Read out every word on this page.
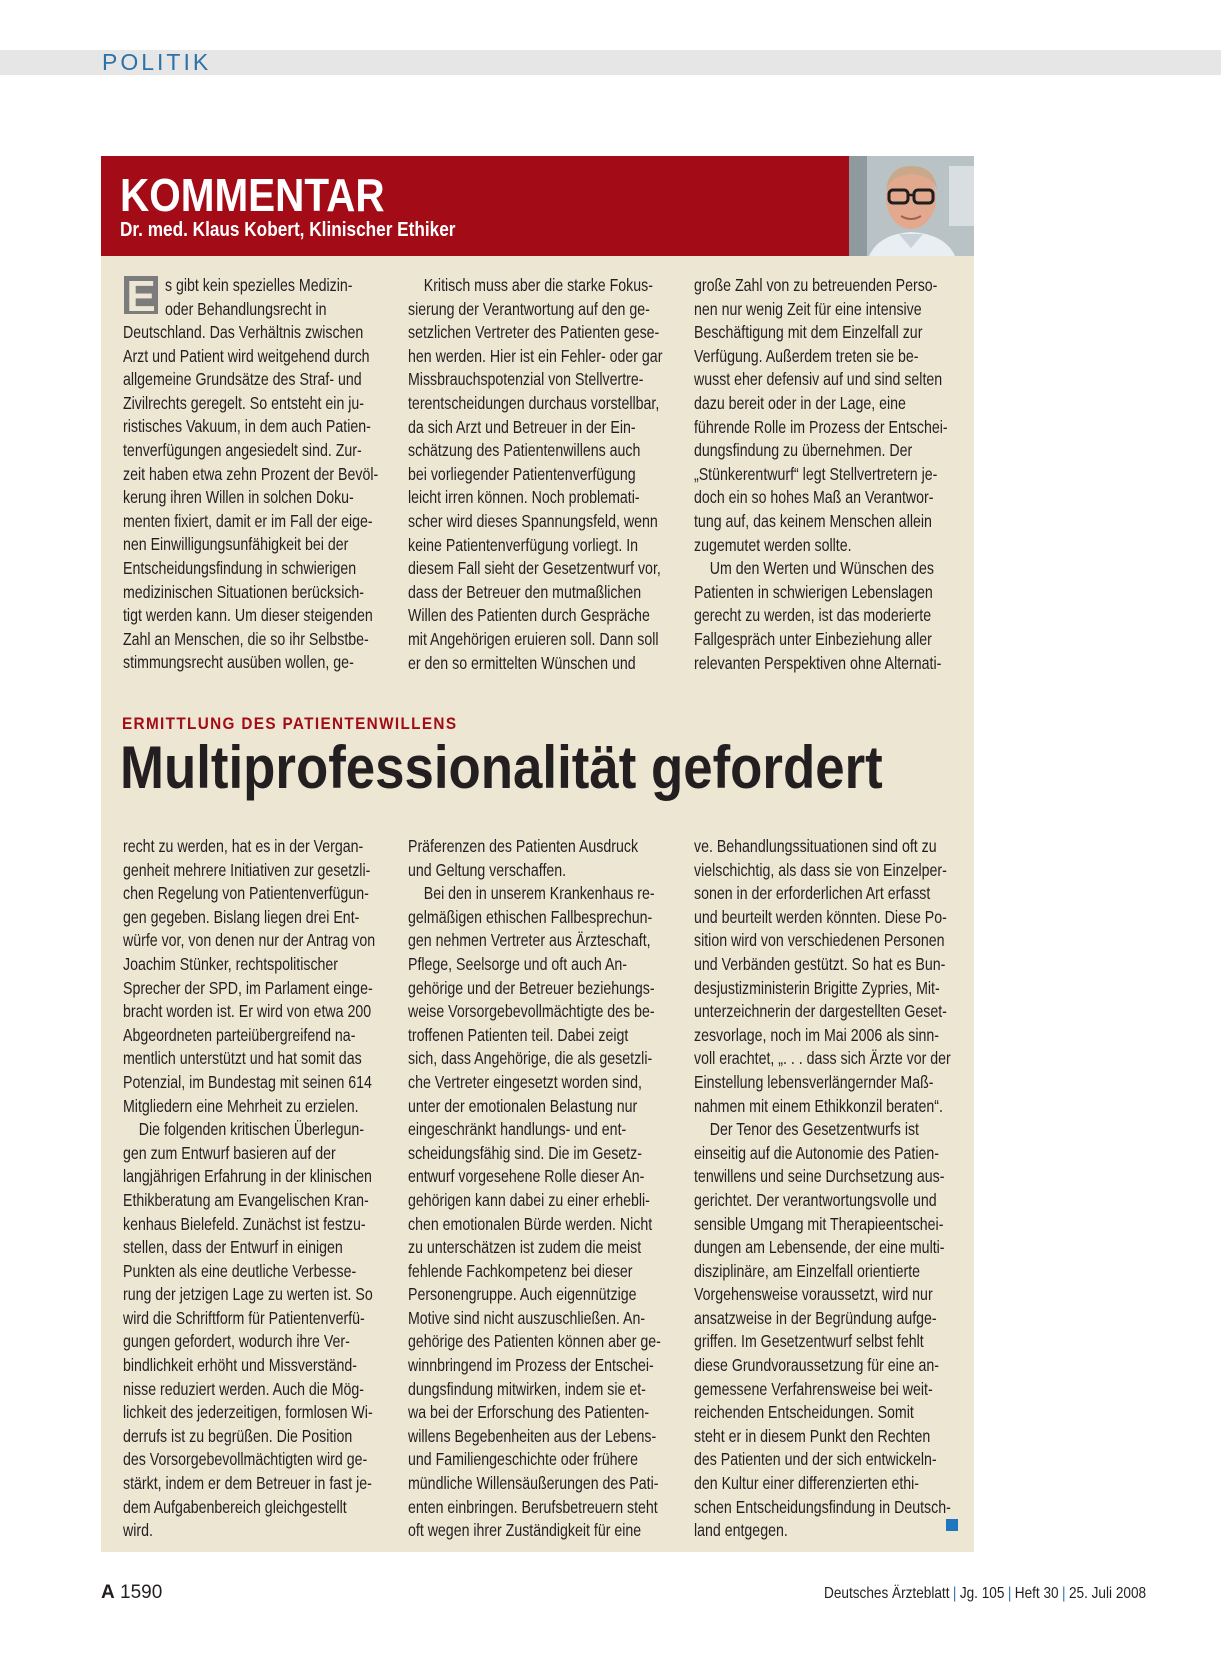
POLITIK
KOMMENTAR
Dr. med. Klaus Kobert, Klinischer Ethiker
E s gibt kein spezielles Medizin-

oder Behandlungsrecht in

Deutschland. Das Verhältnis zwischen

Arzt und Patient wird weitgehend durch

allgemeine Grundsätze des Straf- und

Zivilrechts geregelt. So entsteht ein ju-

ristisches Vakuum, in dem auch Patien-

tenverfügungen angesiedelt sind. Zur-

zeit haben etwa zehn Prozent der Bevöl-

kerung ihren Willen in solchen Doku-

menten fixiert, damit er im Fall der eige-

nen Einwilligungsunfähigkeit bei der

Entscheidungsfindung in schwierigen

medizinischen Situationen berücksich-

tigt werden kann. Um dieser steigenden

Zahl an Menschen, die so ihr Selbstbe-

stimmungsrecht ausüben wollen, ge-

Kritisch muss aber die starke Fokus-

sierung der Verantwortung auf den ge-

setzlichen Vertreter des Patienten gese-

hen werden. Hier ist ein Fehler- oder gar

Missbrauchspotenzial von Stellvertre-

terentscheidungen durchaus vorstellbar,

da sich Arzt und Betreuer in der Ein-

schätzung des Patientenwillens auch

bei vorliegender Patientenverfügung

leicht irren können. Noch problemati-

scher wird dieses Spannungsfeld, wenn

keine Patientenverfügung vorliegt. In

diesem Fall sieht der Gesetzentwurf vor,

dass der Betreuer den mutmaßlichen

Willen des Patienten durch Gespräche

mit Angehörigen eruieren soll. Dann soll

er den so ermittelten Wünschen und

große Zahl von zu betreuenden Perso-

nen nur wenig Zeit für eine intensive

Beschäftigung mit dem Einzelfall zur

Verfügung. Außerdem treten sie be-

wusst eher defensiv auf und sind selten

dazu bereit oder in der Lage, eine

führende Rolle im Prozess der Entschei-

dungsfindung zu übernehmen. Der

„Stünkerentwurf“ legt Stellvertretern je-

doch ein so hohes Maß an Verantwor-

tung auf, das keinem Menschen allein

zugemutet werden sollte.

Um den Werten und Wünschen des

Patienten in schwierigen Lebenslagen

gerecht zu werden, ist das moderierte

Fallgespräch unter Einbeziehung aller

relevanten Perspektiven ohne Alternati-

ERMITTLUNG DES PATIENTENWILLENS
Multiprofessionalität gefordert

recht zu werden, hat es in der Vergan-

genheit mehrere Initiativen zur gesetzli-

chen Regelung von Patientenverfügun-

gen gegeben. Bislang liegen drei Ent-

würfe vor, von denen nur der Antrag von

Joachim Stünker, rechtspolitischer

Sprecher der SPD, im Parlament einge-

bracht worden ist. Er wird von etwa 200

Abgeordneten parteiübergreifend na-

mentlich unterstützt und hat somit das

Potenzial, im Bundestag mit seinen 614

Mitgliedern eine Mehrheit zu erzielen.

Die folgenden kritischen Überlegun-

gen zum Entwurf basieren auf der

langjährigen Erfahrung in der klinischen

Ethikberatung am Evangelischen Kran-

kenhaus Bielefeld. Zunächst ist festzu-

stellen, dass der Entwurf in einigen

Punkten als eine deutliche Verbesse-

rung der jetzigen Lage zu werten ist. So

wird die Schriftform für Patientenverfü-

gungen gefordert, wodurch ihre Ver-

bindlichkeit erhöht und Missverständ-

nisse reduziert werden. Auch die Mög-

lichkeit des jederzeitigen, formlosen Wi-

derrufs ist zu begrüßen. Die Position

des Vorsorgebevollmächtigten wird ge-

stärkt, indem er dem Betreuer in fast je-

dem Aufgabenbereich gleichgestellt

wird.

Präferenzen des Patienten Ausdruck

und Geltung verschaffen.

Bei den in unserem Krankenhaus re-

gelmäßigen ethischen Fallbesprechun-

gen nehmen Vertreter aus Ärzteschaft,

Pflege, Seelsorge und oft auch An-

gehörige und der Betreuer beziehungs-

weise Vorsorgebevollmächtigte des be-

troffenen Patienten teil. Dabei zeigt

sich, dass Angehörige, die als gesetzli-

che Vertreter eingesetzt worden sind,

unter der emotionalen Belastung nur

eingeschränkt handlungs- und ent-

scheidungsfähig sind. Die im Gesetz-

entwurf vorgesehene Rolle dieser An-

gehörigen kann dabei zu einer erhebli-

chen emotionalen Bürde werden. Nicht

zu unterschätzen ist zudem die meist

fehlende Fachkompetenz bei dieser

Personengruppe. Auch eigennützige

Motive sind nicht auszuschließen. An-

gehörige des Patienten können aber ge-

winnbringend im Prozess der Entschei-

dungsfindung mitwirken, indem sie et-

wa bei der Erforschung des Patienten-

willens Begebenheiten aus der Lebens-

und Familiengeschichte oder frühere

mündliche Willensäußerungen des Pati-

enten einbringen. Berufsbetreuern steht

oft wegen ihrer Zuständigkeit für eine

ve. Behandlungssituationen sind oft zu

vielschichtig, als dass sie von Einzelper-

sonen in der erforderlichen Art erfasst

und beurteilt werden könnten. Diese Po-

sition wird von verschiedenen Personen

und Verbänden gestützt. So hat es Bun-

desjustizministerin Brigitte Zypries, Mit-

unterzeichnerin der dargestellten Geset-

zesvorlage, noch im Mai 2006 als sinn-

voll erachtet, „. . . dass sich Ärzte vor der

Einstellung lebensverlängernder Maß-

nahmen mit einem Ethikkonzil beraten“.

Der Tenor des Gesetzentwurfs ist

einseitig auf die Autonomie des Patien-

tenwillens und seine Durchsetzung aus-

gerichtet. Der verantwortungsvolle und

sensible Umgang mit Therapieentschei-

dungen am Lebensende, der eine multi-

disziplinäre, am Einzelfall orientierte

Vorgehensweise voraussetzt, wird nur

ansatzweise in der Begründung aufge-

griffen. Im Gesetzentwurf selbst fehlt

diese Grundvoraussetzung für eine an-

gemessene Verfahrensweise bei weit-

reichenden Entscheidungen. Somit

steht er in diesem Punkt den Rechten

des Patienten und der sich entwickeln-

den Kultur einer differenzierten ethi-

schen Entscheidungsfindung in Deutsch-

land entgegen.

A 1590	Deutsches Ärzteblatt | Jg. 105 | Heft 30 | 25. Juli 2008
